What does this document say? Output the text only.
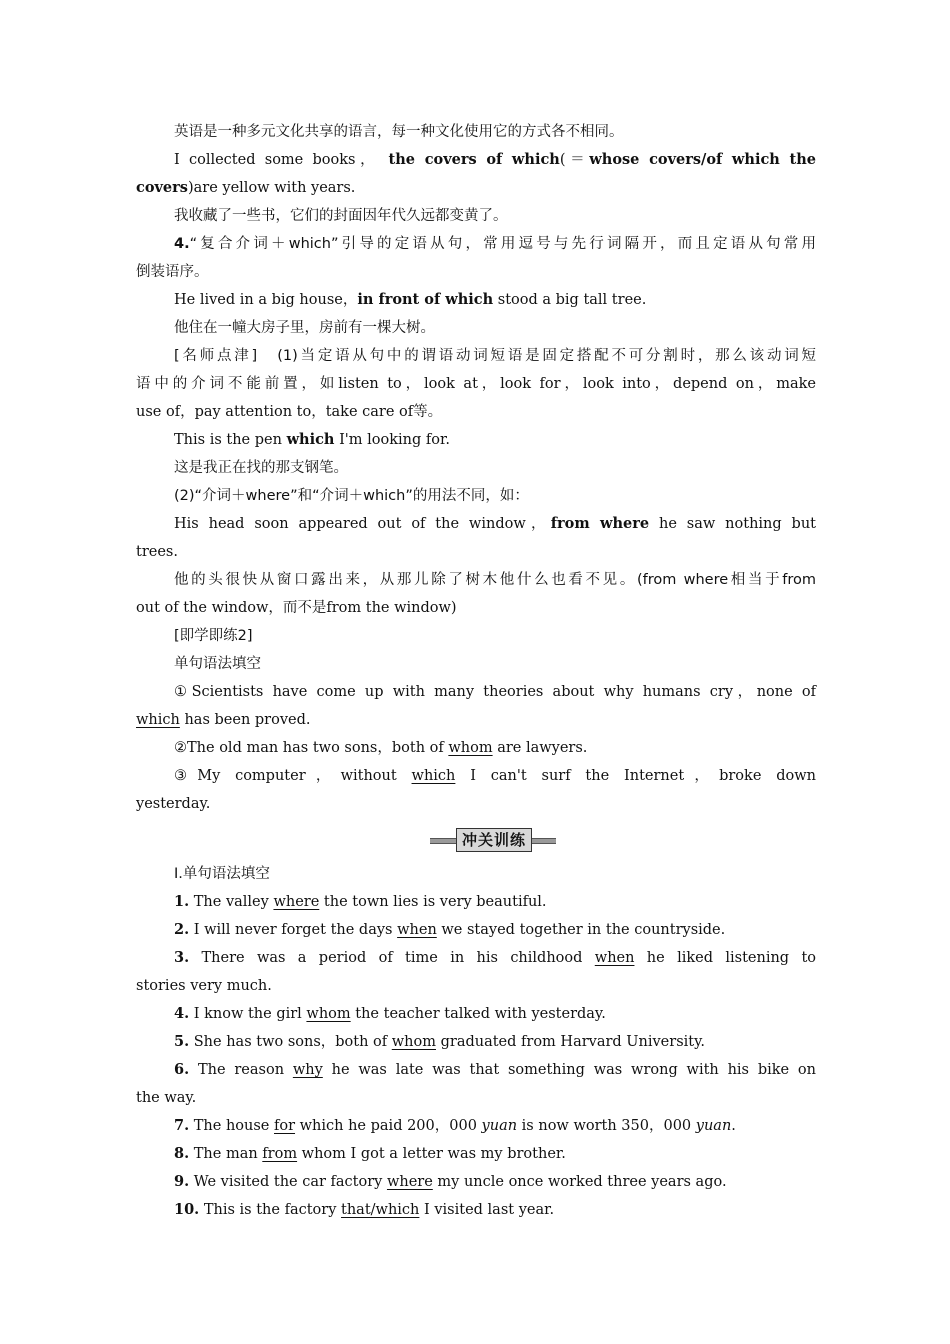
英语是一种多元文化共享的语言，每一种文化使用它的方式各不相同。
I collected some books， the covers of which(＝whose covers/of which the
covers)are yellow with years.
我收藏了一些书，它们的封面因年代久远都变黄了。
4.“复合介词＋which”引导的定语从句，常用逗号与先行词隔开，而且定语从句常用
倒装语序。
He lived in a big house，in front of which stood a big tall tree.
他住在一幢大房子里，房前有一棵大树。
[名师点津]　(1)当定语从句中的谓语动词短语是固定搭配不可分割时，那么该动词短
语中的介词不能前置，如listen to，look at，look for，look into，depend on，make
use of，pay attention to，take care of等。
This is the pen which I'm looking for.
这是我正在找的那支钢笔。
(2)“介词＋where”和“介词＋which”的用法不同，如：
His head soon appeared out of the window，from where he saw nothing but
trees.
他的头很快从窗口露出来，从那儿除了树木他什么也看不见。(from where相当于from
out of the window，而不是from the window)
[即学即练2]
单句语法填空
①Scientists have come up with many theories about why humans cry，none of
which has been proved.
②The old man has two sons，both of whom are lawyers.
③My computer，without which I can't surf the Internet，broke down
yesterday.
冲关训练
Ⅰ.单句语法填空
1. The valley where the town lies is very beautiful.
2. I will never forget the days when we stayed together in the countryside.
3. There was a period of time in his childhood when he liked listening to
stories very much.
4. I know the girl whom the teacher talked with yesterday.
5. She has two sons，both of whom graduated from Harvard University.
6. The reason why he was late was that something was wrong with his bike on
the way.
7. The house for which he paid 200，000 yuan is now worth 350，000 yuan.
8. The man from whom I got a letter was my brother.
9. We visited the car factory where my uncle once worked three years ago.
10. This is the factory that/which I visited last year.
